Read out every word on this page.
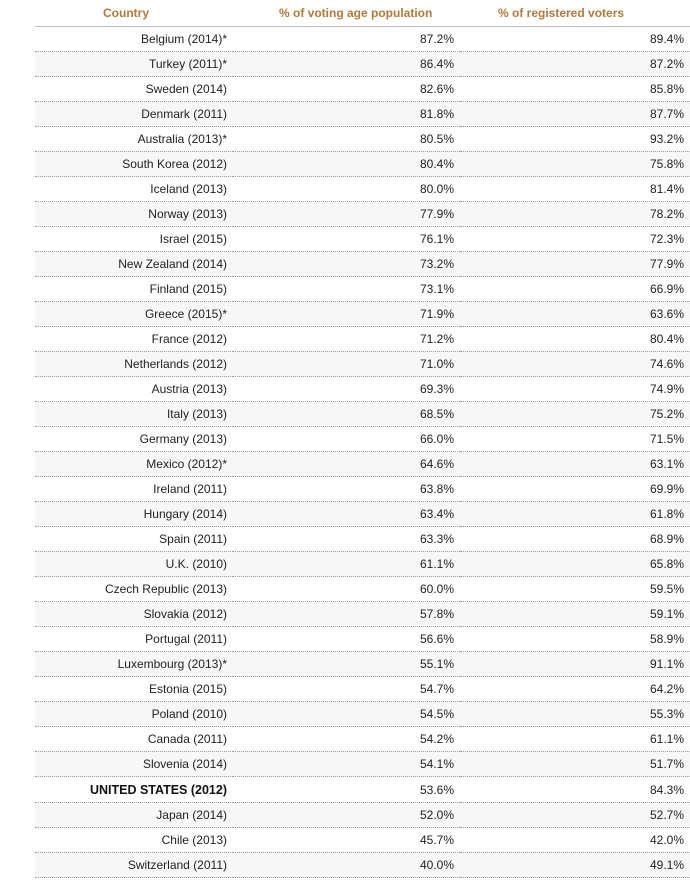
Country	% of voting age population	% of registered voters
Belgium (2014)*	87.2%	89.4%
Turkey (2011)*	86.4%	87.2%
Sweden (2014)	82.6%	85.8%
Denmark (2011)	81.8%	87.7%
Australia (2013)*	80.5%	93.2%
South Korea (2012)	80.4%	75.8%
Iceland (2013)	80.0%	81.4%
Norway (2013)	77.9%	78.2%
Israel (2015)	76.1%	72.3%
New Zealand (2014)	73.2%	77.9%
Finland (2015)	73.1%	66.9%
Greece (2015)*	71.9%	63.6%
France (2012)	71.2%	80.4%
Netherlands (2012)	71.0%	74.6%
Austria (2013)	69.3%	74.9%
Italy (2013)	68.5%	75.2%
Germany (2013)	66.0%	71.5%
Mexico (2012)*	64.6%	63.1%
Ireland (2011)	63.8%	69.9%
Hungary (2014)	63.4%	61.8%
Spain (2011)	63.3%	68.9%
U.K. (2010)	61.1%	65.8%
Czech Republic (2013)	60.0%	59.5%
Slovakia (2012)	57.8%	59.1%
Portugal (2011)	56.6%	58.9%
Luxembourg (2013)*	55.1%	91.1%
Estonia (2015)	54.7%	64.2%
Poland (2010)	54.5%	55.3%
Canada (2011)	54.2%	61.1%
Slovenia (2014)	54.1%	51.7%
UNITED STATES (2012)	53.6%	84.3%
Japan (2014)	52.0%	52.7%
Chile (2013)	45.7%	42.0%
Switzerland (2011)	40.0%	49.1%
